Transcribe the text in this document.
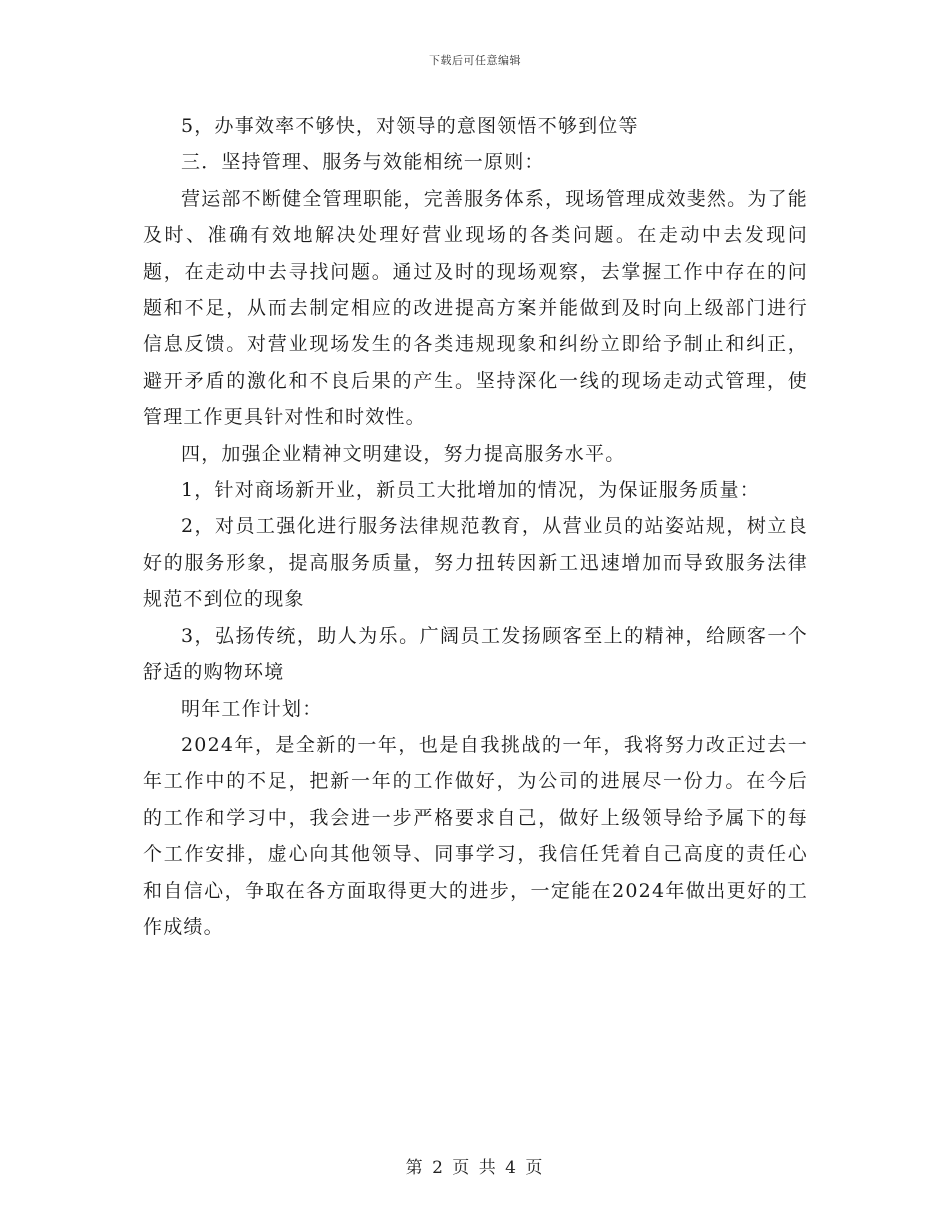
下载后可任意编辑

5，办事效率不够快，对领导的意图领悟不够到位等

三．坚持管理、服务与效能相统一原则：

营运部不断健全管理职能，完善服务体系，现场管理成效斐然。为了能及时、准确有效地解决处理好营业现场的各类问题。在走动中去发现问题，在走动中去寻找问题。通过及时的现场观察，去掌握工作中存在的问题和不足，从而去制定相应的改进提高方案并能做到及时向上级部门进行信息反馈。对营业现场发生的各类违规现象和纠纷立即给予制止和纠正，避开矛盾的激化和不良后果的产生。坚持深化一线的现场走动式管理，使管理工作更具针对性和时效性。

四，加强企业精神文明建设，努力提高服务水平。

1，针对商场新开业，新员工大批增加的情况，为保证服务质量：

2，对员工强化进行服务法律规范教育，从营业员的站姿站规，树立良好的服务形象，提高服务质量，努力扭转因新工迅速增加而导致服务法律规范不到位的现象

3，弘扬传统，助人为乐。广阔员工发扬顾客至上的精神，给顾客一个舒适的购物环境

明年工作计划：

2024年，是全新的一年，也是自我挑战的一年，我将努力改正过去一年工作中的不足，把新一年的工作做好，为公司的进展尽一份力。在今后的工作和学习中，我会进一步严格要求自己，做好上级领导给予属下的每个工作安排，虚心向其他领导、同事学习，我信任凭着自己高度的责任心和自信心，争取在各方面取得更大的进步，一定能在2024年做出更好的工作成绩。

第 2 页 共 4 页
